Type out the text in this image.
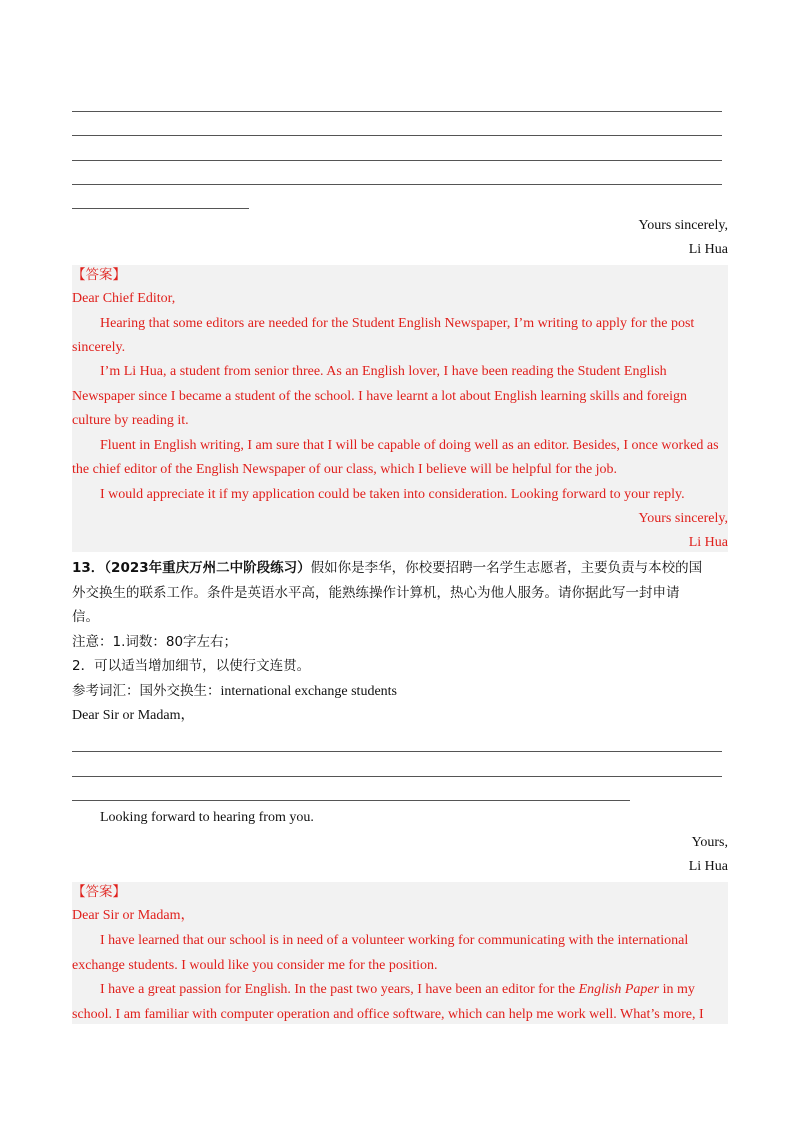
Yours sincerely,
Li Hua
【答案】
Dear Chief Editor,
Hearing that some editors are needed for the Student English Newspaper, I’m writing to apply for the post
sincerely.
I’m Li Hua, a student from senior three. As an English lover, I have been reading the Student English
Newspaper since I became a student of the school. I have learnt a lot about English learning skills and foreign
culture by reading it.
Fluent in English writing, I am sure that I will be capable of doing well as an editor. Besides, I once worked as
the chief editor of the English Newspaper of our class, which I believe will be helpful for the job.
I would appreciate it if my application could be taken into consideration. Looking forward to your reply.
Yours sincerely,
Li Hua
13．（2023年重庆万州二中阶段练习）假如你是李华，你校要招聘一名学生志愿者，主要负责与本校的国
外交换生的联系工作。条件是英语水平高，能熟练操作计算机，热心为他人服务。请你据此写一封申请
信。
注意：1.词数：80字左右；
2．可以适当增加细节，以使行文连贯。
参考词汇：国外交换生：international exchange students
Dear Sir or Madam，
Looking forward to hearing from you.
Yours,
Li Hua
【答案】
Dear Sir or Madam，
I have learned that our school is in need of a volunteer working for communicating with the international
exchange students. I would like you consider me for the position.
I have a great passion for English. In the past two years, I have been an editor for the English Paper in my
school. I am familiar with computer operation and office software, which can help me work well. What’s more, I
